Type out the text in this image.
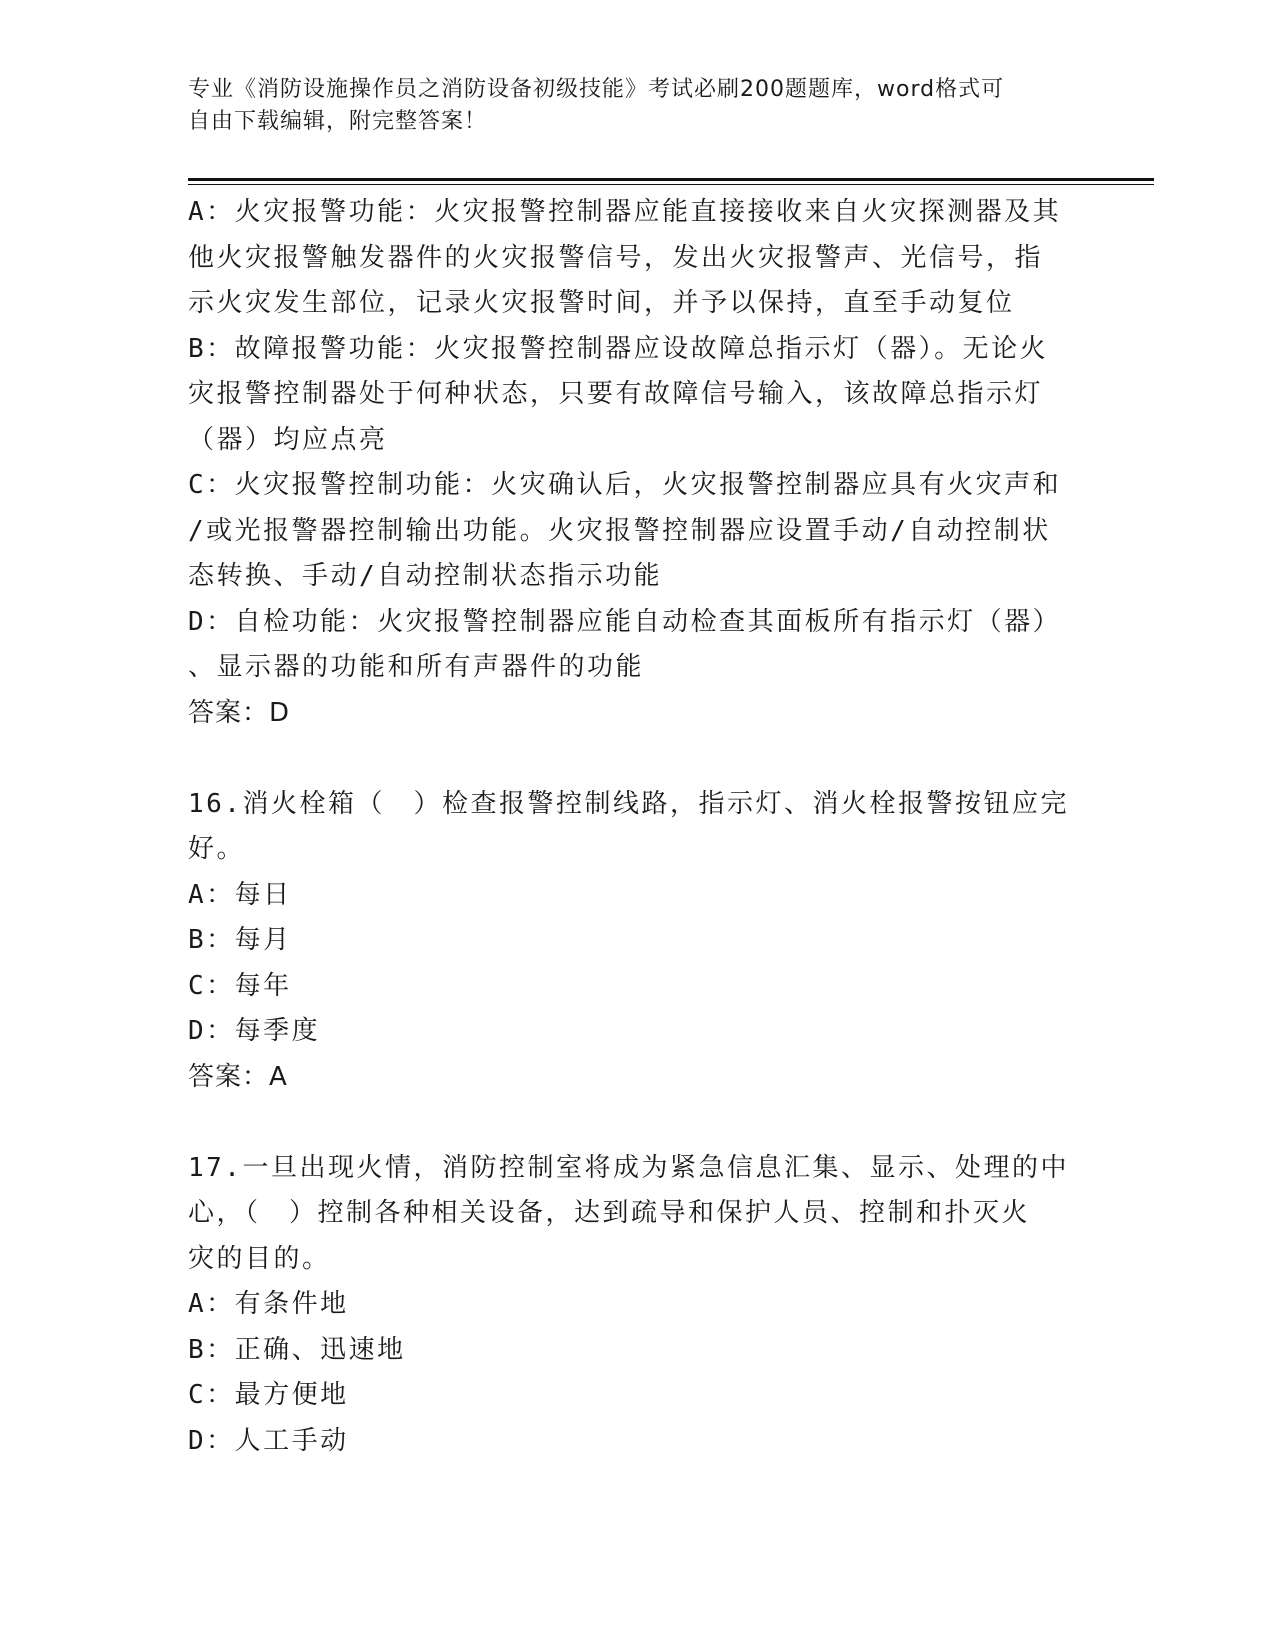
专业《消防设施操作员之消防设备初级技能》考试必刷200题题库，word格式可
自由下载编辑，附完整答案！
A：火灾报警功能：火灾报警控制器应能直接接收来自火灾探测器及其
他火灾报警触发器件的火灾报警信号，发出火灾报警声、光信号，指
示火灾发生部位，记录火灾报警时间，并予以保持，直至手动复位
B：故障报警功能：火灾报警控制器应设故障总指示灯（器）。无论火
灾报警控制器处于何种状态，只要有故障信号输入，该故障总指示灯
（器）均应点亮
C：火灾报警控制功能：火灾确认后，火灾报警控制器应具有火灾声和
/或光报警器控制输出功能。火灾报警控制器应设置手动/自动控制状
态转换、手动/自动控制状态指示功能
D：自检功能：火灾报警控制器应能自动检查其面板所有指示灯（器）
、显示器的功能和所有声器件的功能
答案：D
16.消火栓箱（　）检查报警控制线路，指示灯、消火栓报警按钮应完
好。
A：每日
B：每月
C：每年
D：每季度
答案：A
17.一旦出现火情，消防控制室将成为紧急信息汇集、显示、处理的中
心，（　）控制各种相关设备，达到疏导和保护人员、控制和扑灭火
灾的目的。
A：有条件地
B：正确、迅速地
C：最方便地
D：人工手动
